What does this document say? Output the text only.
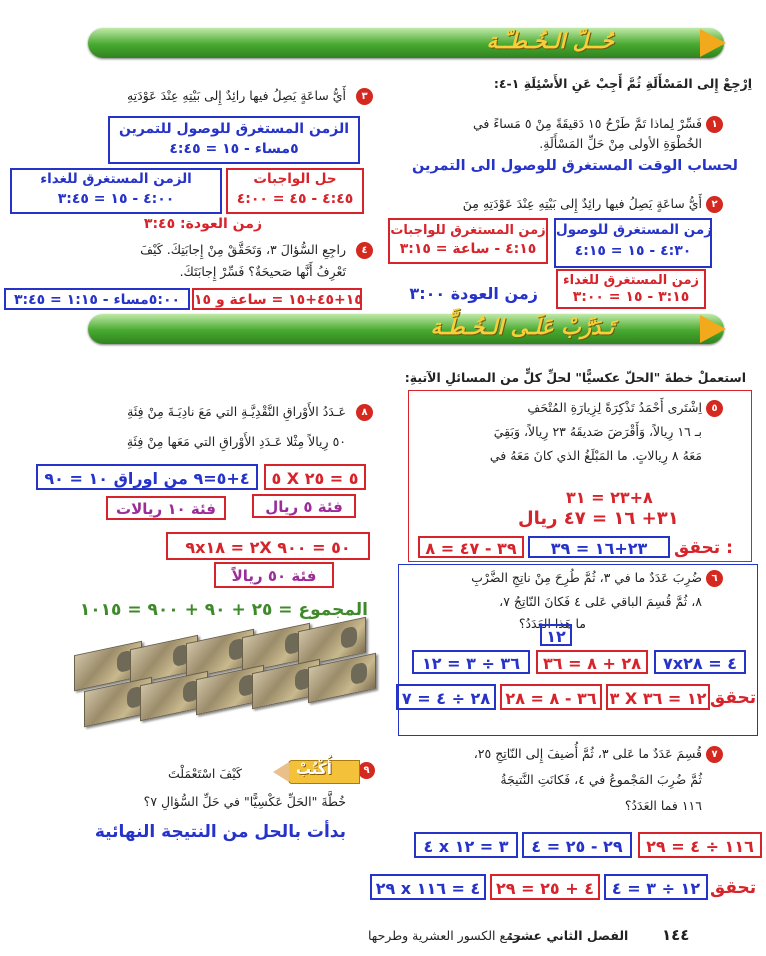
حُــلّ الـخُـطـّـة
اِرْجِعْ إِلى المَسْأَلَةِ ثُمَّ أَجِبْ عَنِ الأَسْئِلَةِ ١-٤:
١
فَسِّرْ لِماذا تَمَّ طَرْحُ ١٥ دَقيقَةً مِنْ ٥ مَساءً في
الخُطْوَةِ الأولى مِنْ حَلِّ المَسْأَلَةِ.
لحساب الوقت المستغرق للوصول الى التمرين
٢
أَيُّ ساعَةٍ يَصِلُ فيها رائِدٌ إِلى بَيْتِهِ عِنْدَ عَوْدَتِهِ مِنَ
زمن المستغرق للوصول
٤:٣٠ - ١٥ = ٤:١٥
زمن المستغرق للواجبات
٤:١٥ - ساعة = ٣:١٥
زمن المستغرق للغداء
٣:١٥ - ١٥ = ٣:٠٠
زمن العودة ٣:٠٠
٣
أَيُّ ساعَةٍ يَصِلُ فيها رائِدٌ إِلى بَيْتِهِ عِنْدَ عَوْدَتِهِ
الزمن المستغرق للوصول للتمرين
٥مساء - ١٥ = ٤:٤٥
الزمن المستغرق للغداء
٤:٠٠ - ١٥ = ٣:٤٥
حل الواجبات
٤:٤٥ - ٤٥ = ٤:٠٠
زمن العودة: ٣:٤٥
٤
راجِعِ السُّؤالَ ٣، وَتَحَقَّقْ مِنْ إِجابَتِكَ. كَيْفَ
تَعْرِفُ أَنَّها صَحيحَةٌ؟ فَسِّرْ إِجابَتَكَ.
١٥+٤٥+١٥ = ساعة و ١٥
٥:٠٠مساء - ١:١٥ = ٣:٤٥
تَـدَرَّبْ عَلَـى الـخُـطَّـة
استعملْ خطةَ "الحلّ عكسيًّا" لحلِّ كلٍّ من المسائلِ الآتيةِ:
٥
اِشْتَرى أَحْمَدُ تَذْكِرَةً لِزِيارَةِ المُتْحَفِ
بـ ١٦ رِيالاً، وَأَقْرَضَ صَديقَهُ ٢٣ رِيالاً، وَبَقِيَ
مَعَهُ ٨ رِيالاتٍ. ما المَبْلَغُ الذي كانَ مَعَهُ في
٨+٢٣ = ٣١
٣١+ ١٦ = ٤٧ ريال
تحقق :
٢٣+١٦ = ٣٩
٣٩ - ٤٧ = ٨
٦
ضُرِبَ عَدَدٌ ما في ٣، ثُمَّ طُرِحَ مِنْ ناتِجِ الضَّرْبِ
٨، ثُمَّ قُسِمَ الباقي عَلى ٤ فَكانَ النّاتِجُ ٧،
ما هَذا العَدَدُ؟
١٢
٧x٤ = ٢٨
٢٨ + ٨ = ٣٦
٣٦ ÷ ٣ = ١٢
تحقق
٣ X ١٢ = ٣٦
٣٦ - ٨ = ٢٨
٢٨ ÷ ٤ = ٧
٧
قُسِمَ عَدَدٌ ما عَلى ٣، ثُمَّ أُضيفَ إِلى النّاتِجِ ٢٥،
ثُمَّ ضُرِبَ المَجْموعُ في ٤، فَكانَتِ النَّتيجَةُ
١١٦ فما العَدَدُ؟
١١٦ ÷ ٤ = ٢٩
٢٩ - ٢٥ = ٤
٤ x ٣ = ١٢
تحقق
١٢ ÷ ٣ = ٤
٤ + ٢٥ = ٢٩
٢٩ x ٤ = ١١٦
٨
عَـدَدُ الأَوْراقِ النَّقْدِيَّـةِ التي مَعَ نادِيَـةَ مِنْ فِئَةِ
٥٠ رِيالاً مِثْلا عَـدَدِ الأَوْراقِ التي مَعَها مِنْ فِئَةِ
٥ X ٥ = ٢٥
٤+٥=٩ من اوراق ١٠ = ٩٠
فئة ٥ ريال
فئة ١٠ ريالات
٩x٢ = ١٨X ٥٠ = ٩٠٠
فئة ٥٠ ريالاً
المجموع = ٢٥ + ٩٠ + ٩٠٠ = ١٠١٥
٩
أُكْتُبْ
كَيْفَ اسْتَعْمَلْتَ
خُطَّةَ "الحَلِّ عَكْسِيًّا" في حَلِّ السُّؤالِ ٧؟
بدأت بالحل من النتيجة النهائية
١٤٤
الفصل الثاني عشر:
جمع الكسور العشرية وطرحها
